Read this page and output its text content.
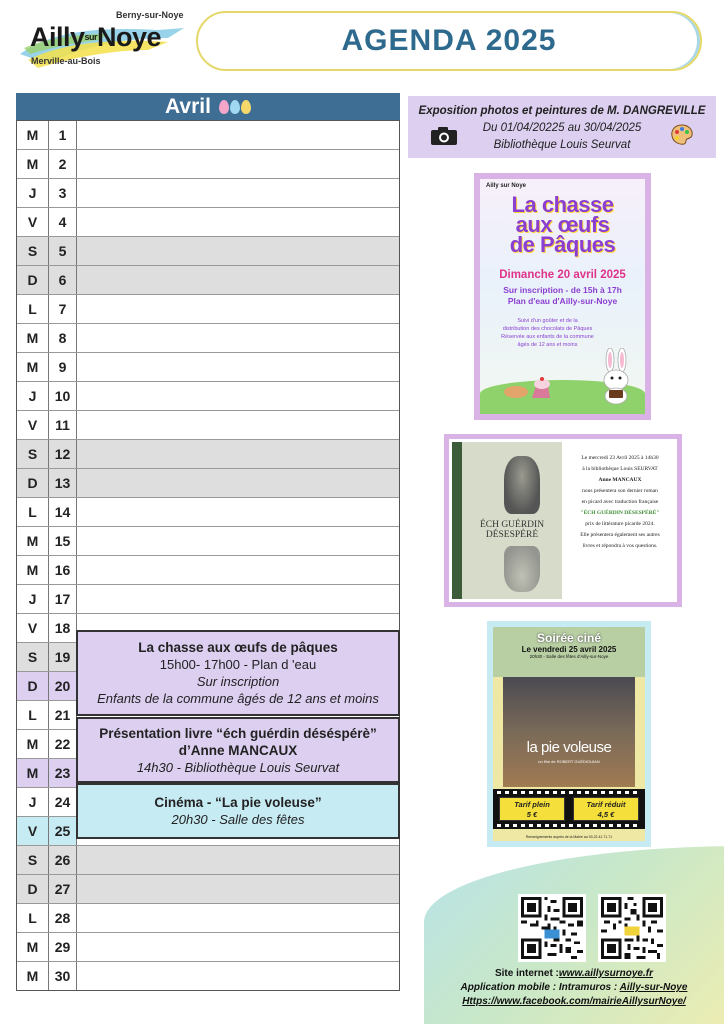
Berny-sur-Noye
AillysurNoye
Merville-au-Bois
AGENDA 2025
Avril
M	1
M	2
J	3
V	4
S	5
D	6
L	7
M	8
M	9
J	10
V	11
S	12
D	13
L	14
M	15
M	16
J	17
V	18
S	19
D	20
L	21
M	22
M	23
J	24
V	25
S	26
D	27
L	28
M	29
M	30
La chasse aux œufs de pâques
15h00- 17h00 - Plan d 'eau
Sur inscription
Enfants de la commune âgés de 12 ans et moins
Présentation livre “éch guérdin déséspérè”
d’Anne MANCAUX
14h30 - Bibliothèque Louis Seurvat
Cinéma - “La pie voleuse”
20h30 - Salle des fêtes
Exposition photos et peintures de M. DANGREVILLE
Du 01/04/20225 au 30/04/2025
Bibliothèque Louis Seurvat
Ailly sur Noye
La chasse
aux œufs
de Pâques
Dimanche 20 avril 2025
Sur inscription - de 15h à 17h
Plan d'eau d'Ailly-sur-Noye
Suivi d'un goûter et de la
distribution des chocolats de Pâques
Réservée aux enfants de la commune
âgés de 12 ans et moins
ÉCH GUÉRDIN
DÉSESPÉRÉ
Le mercredi 23 Avril 2025 à 14h30
à la bibliothèque Louis SEURVAT
Anne MANCAUX
nous présentera son dernier roman
en picard avec traduction française
"ÉCH GUÉRDIN DÉSESPÉRÉ"
prix de littérature picarde 2024.
Elle présentera également ses autres
livres et répondra à vos questions.
Soirée ciné
Le vendredi 25 avril 2025
20h30 - Salle des fêtes d'Ailly-sur-Noye
la pie voleuse
un film de ROBERT GUÉDIGUIAN
Tarif plein
5 €
Tarif réduit
4,5 €
Renseignements auprès de la Mairie au 03.22.41.71.71
Site internet :www.aillysurnoye.fr
Application mobile : Intramuros : Ailly-sur-Noye
Https://www.facebook.com/mairieAillysurNoye/
